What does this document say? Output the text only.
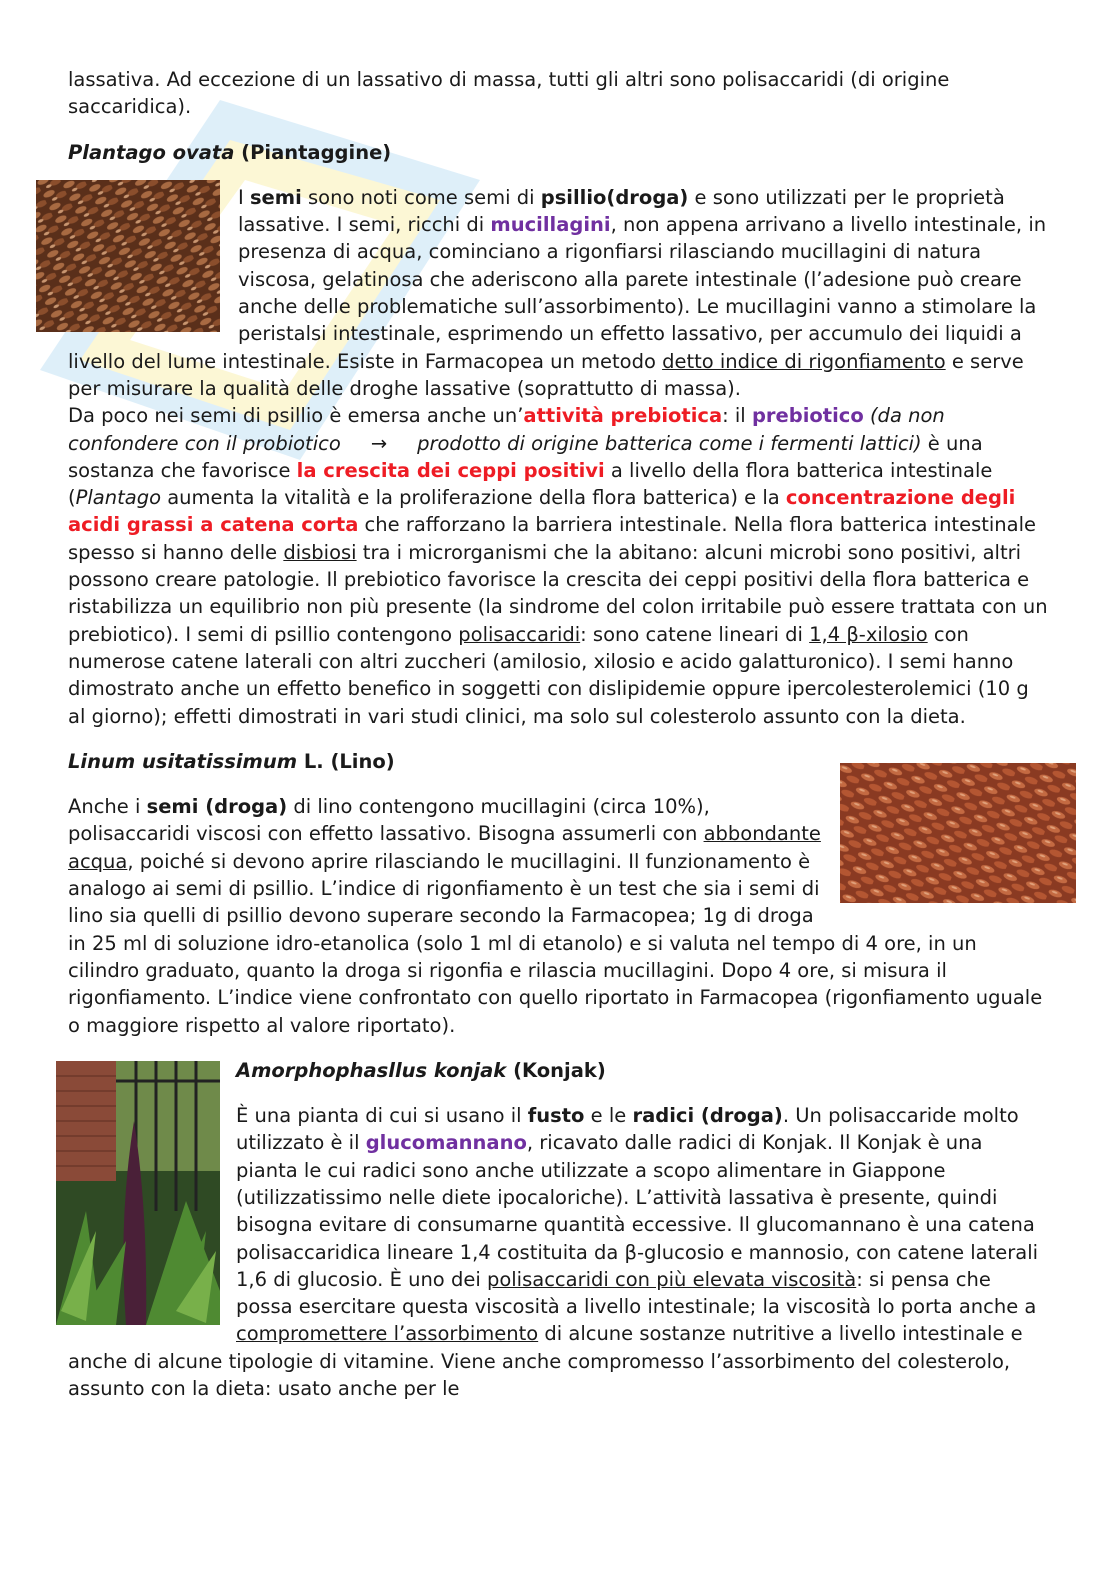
lassativa. Ad eccezione di un lassativo di massa, tutti gli altri sono polisaccaridi (di origine saccaridica).

Plantago ovata (Piantaggine)

I semi sono noti come semi di psillio(droga) e sono utilizzati per le proprietà lassative. I semi, ricchi di mucillagini, non appena arrivano a livello intestinale, in presenza di acqua, cominciano a rigonfiarsi rilasciando mucillagini di natura viscosa, gelatinosa che aderiscono alla parete intestinale (l’adesione può creare anche delle problematiche sull’assorbimento). Le mucillagini vanno a stimolare la peristalsi intestinale, esprimendo un effetto lassativo, per accumulo dei liquidi a livello del lume intestinale. Esiste in Farmacopea un metodo detto indice di rigonfiamento e serve per misurare la qualità delle droghe lassative (soprattutto di massa).

Da poco nei semi di psillio è emersa anche un’attività prebiotica: il prebiotico (da non confondere con il probiotico → prodotto di origine batterica come i fermenti lattici) è una sostanza che favorisce la crescita dei ceppi positivi a livello della flora batterica intestinale (Plantago aumenta la vitalità e la proliferazione della flora batterica) e la concentrazione degli acidi grassi a catena corta che rafforzano la barriera intestinale. Nella flora batterica intestinale spesso si hanno delle disbiosi tra i microrganismi che la abitano: alcuni microbi sono positivi, altri possono creare patologie. Il prebiotico favorisce la crescita dei ceppi positivi della flora batterica e ristabilizza un equilibrio non più presente (la sindrome del colon irritabile può essere trattata con un prebiotico). I semi di psillio contengono polisaccaridi: sono catene lineari di 1,4 β-xilosio con numerose catene laterali con altri zuccheri (amilosio, xilosio e acido galatturonico). I semi hanno dimostrato anche un effetto benefico in soggetti con dislipidemie oppure ipercolesterolemici (10 g al giorno); effetti dimostrati in vari studi clinici, ma solo sul colesterolo assunto con la dieta.

Linum usitatissimum L. (Lino)

Anche i semi (droga) di lino contengono mucillagini (circa 10%), polisaccaridi viscosi con effetto lassativo. Bisogna assumerli con abbondante acqua, poiché si devono aprire rilasciando le mucillagini. Il funzionamento è analogo ai semi di psillio. L’indice di rigonfiamento è un test che sia i semi di lino sia quelli di psillio devono superare secondo la Farmacopea; 1g di droga in 25 ml di soluzione idro-etanolica (solo 1 ml di etanolo) e si valuta nel tempo di 4 ore, in un cilindro graduato, quanto la droga si rigonfia e rilascia mucillagini. Dopo 4 ore, si misura il rigonfiamento. L’indice viene confrontato con quello riportato in Farmacopea (rigonfiamento uguale o maggiore rispetto al valore riportato).

Amorphophasllus konjak (Konjak)

È una pianta di cui si usano il fusto e le radici (droga). Un polisaccaride molto utilizzato è il glucomannano, ricavato dalle radici di Konjak. Il Konjak è una pianta le cui radici sono anche utilizzate a scopo alimentare in Giappone (utilizzatissimo nelle diete ipocaloriche). L’attività lassativa è presente, quindi bisogna evitare di consumarne quantità eccessive. Il glucomannano è una catena polisaccaridica lineare 1,4 costituita da β-glucosio e mannosio, con catene laterali 1,6 di glucosio. È uno dei polisaccaridi con più elevata viscosità: si pensa che possa esercitare questa viscosità a livello intestinale; la viscosità lo porta anche a compromettere l’assorbimento di alcune sostanze nutritive a livello intestinale e anche di alcune tipologie di vitamine. Viene anche compromesso l’assorbimento del colesterolo, assunto con la dieta: usato anche per le
